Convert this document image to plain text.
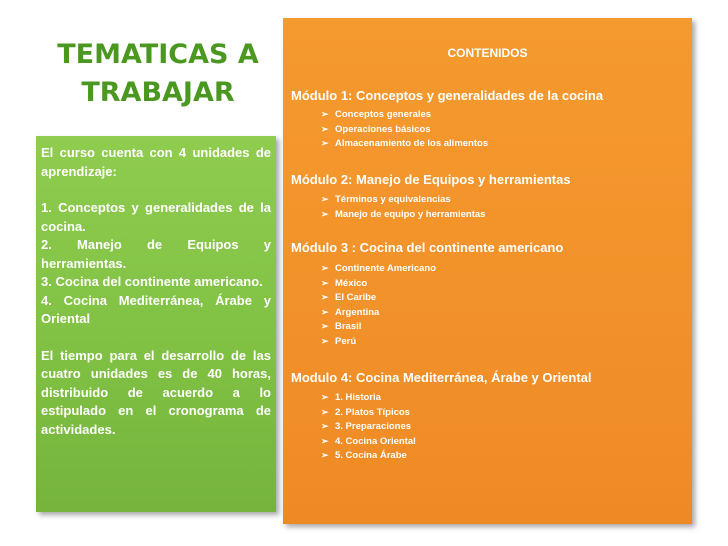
TEMATICAS A
TRABAJAR

El curso cuenta con 4 unidades de aprendizaje:

1. Conceptos y generalidades de la cocina.

2. Manejo de Equipos y herramientas.

3. Cocina del continente americano.

4. Cocina Mediterránea, Árabe y Oriental

El tiempo para el desarrollo de las cuatro unidades es de 40 horas, distribuido de acuerdo a lo estipulado en el cronograma de actividades.

CONTENIDOS
Módulo 1: Conceptos y generalidades de la cocina
➢ Conceptos generales
➢ Operaciones básicos
➢ Almacenamiento de los alimentos
Módulo 2: Manejo de Equipos y herramientas
➢ Términos y equivalencias
➢ Manejo de equipo y herramientas
Módulo 3 : Cocina del continente americano
➢ Continente Americano
➢ México
➢ El Caribe
➢ Argentina
➢ Brasil
➢ Perú
Modulo 4: Cocina Mediterránea, Árabe y Oriental
➢ 1. Historia
➢ 2. Platos Típicos
➢ 3. Preparaciones
➢ 4. Cocina Oriental
➢ 5. Cocina Árabe
